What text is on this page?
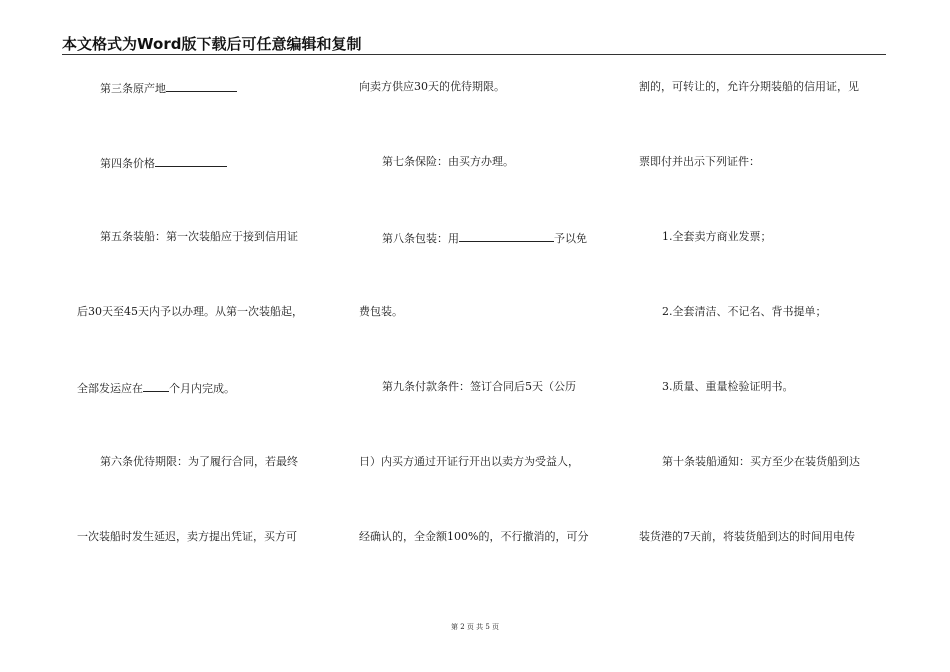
本文格式为Word版下载后可任意编辑和复制
第三条原产地
第四条价格
第五条装船：第一次装船应于接到信用证
后30天至45天内予以办理。从第一次装船起，
全部发运应在 个月内完成。
第六条优待期限：为了履行合同，若最终
一次装船时发生延迟，卖方提出凭证，买方可
向卖方供应30天的优待期限。
第七条保险：由买方办理。
第八条包装：用	予以免
费包装。
第九条付款条件：签订合同后5天（公历
日）内买方通过开证行开出以卖方为受益人，
经确认的，全金额100%的，不行撤消的，可分
割的，可转让的，允许分期装船的信用证，见
票即付并出示下列证件：
1.全套卖方商业发票；
2.全套清洁、不记名、背书提单；
3.质量、重量检验证明书。
第十条装船通知：买方至少在装货船到达
装货港的7天前，将装货船到达的时间用电传
第 2 页 共 5 页
